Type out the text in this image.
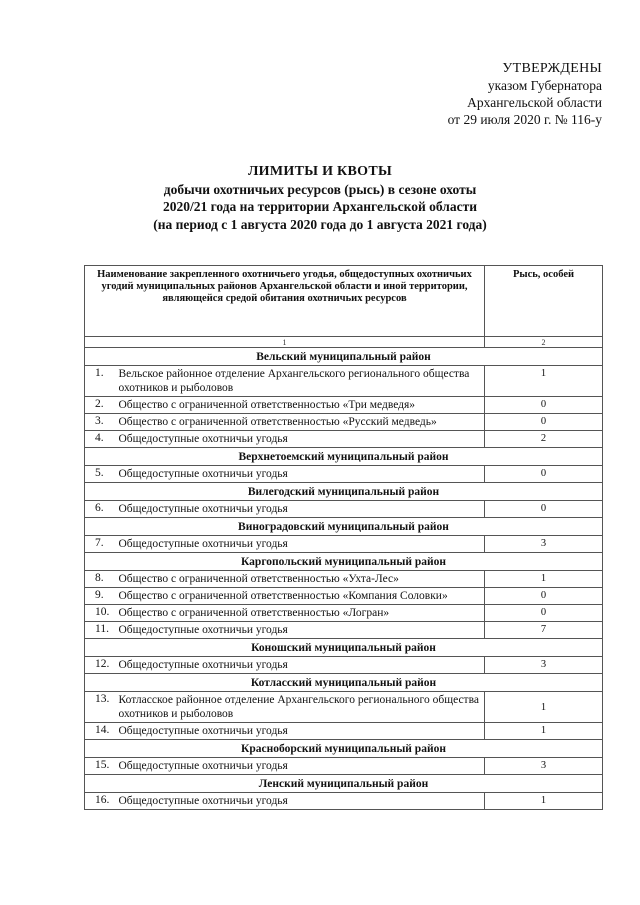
УТВЕРЖДЕНЫ
указом Губернатора
Архангельской области
от 29 июля 2020 г. № 116-у
ЛИМИТЫ И КВОТЫ
добычи охотничьих ресурсов (рысь) в сезоне охоты
2020/21 года на территории Архангельской области
(на период с 1 августа 2020 года до 1 августа 2021 года)
Наименование закрепленного охотничьего угодья, общедоступных охотничьих угодий муниципальных районов Архангельской области и иной территории, являющейся средой обитания охотничьих ресурсов		Рысь, особей
1		2
Вельский муниципальный район		
1.	Вельское районное отделение Архангельского регионального общества охотников и рыболовов	1
2.	Общество с ограниченной ответственностью «Три медведя»	0
3.	Общество с ограниченной ответственностью «Русский медведь»	0
4.	Общедоступные охотничьи угодья	2
Верхнетоемский муниципальный район		
5.	Общедоступные охотничьи угодья	0
Вилегодский муниципальный район		
6.	Общедоступные охотничьи угодья	0
Виноградовский муниципальный район		
7.	Общедоступные охотничьи угодья	3
Каргопольский муниципальный район		
8.	Общество с ограниченной ответственностью «Ухта-Лес»	1
9.	Общество с ограниченной ответственностью «Компания Соловки»	0
10.	Общество с ограниченной ответственностью «Логран»	0
11.	Общедоступные охотничьи угодья	7
Коношский муниципальный район		
12.	Общедоступные охотничьи угодья	3
Котласский муниципальный район		
13.	Котласское районное отделение Архангельского регионального общества охотников и рыболовов	1
14.	Общедоступные охотничьи угодья	1
Красноборский муниципальный район		
15.	Общедоступные охотничьи угодья	3
Ленский муниципальный район		
16.	Общедоступные охотничьи угодья	1
